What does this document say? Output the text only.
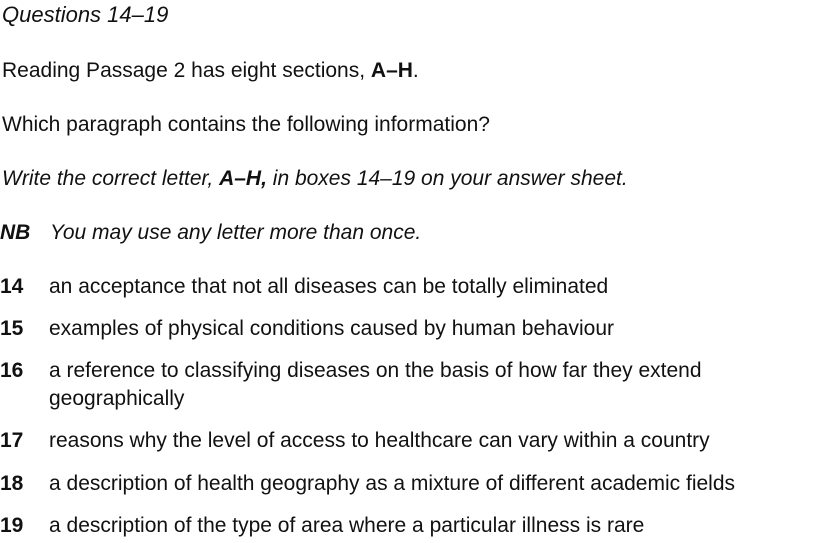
Questions 14–19
Reading Passage 2 has eight sections, A–H.
Which paragraph contains the following information?
Write the correct letter, A–H, in boxes 14–19 on your answer sheet.
NB You may use any letter more than once.
14	an acceptance that not all diseases can be totally eliminated
15	examples of physical conditions caused by human behaviour
16	a reference to classifying diseases on the basis of how far they extend geographically
17	reasons why the level of access to healthcare can vary within a country
18	a description of health geography as a mixture of different academic fields
19	a description of the type of area where a particular illness is rare
